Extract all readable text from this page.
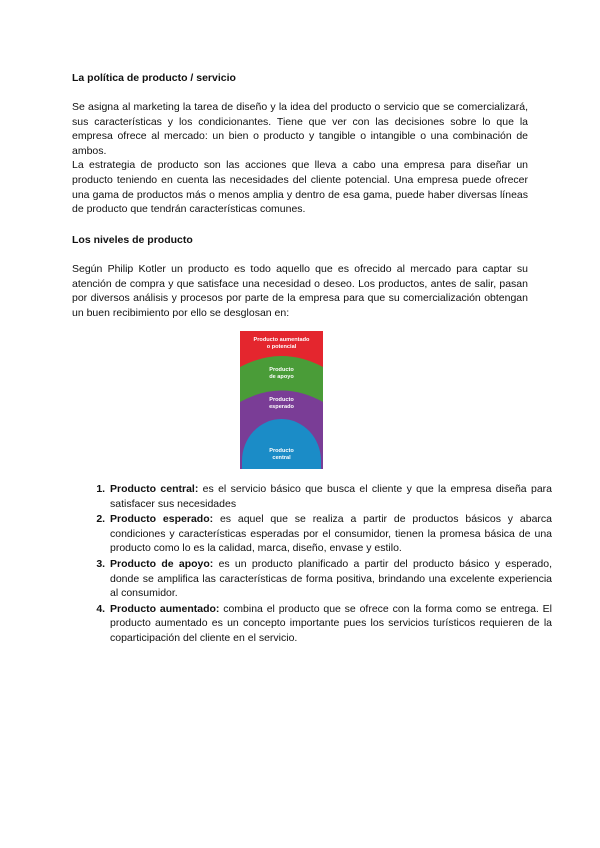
La política de producto / servicio

Se asigna al marketing la tarea de diseño y la idea del producto o servicio que se comercializará, sus características y los condicionantes. Tiene que ver con las decisiones sobre lo que la empresa ofrece al mercado: un bien o producto y tangible o intangible o una combinación de ambos.

La estrategia de producto son las acciones que lleva a cabo una empresa para diseñar un producto teniendo en cuenta las necesidades del cliente potencial. Una empresa puede ofrecer una gama de productos más o menos amplia y dentro de esa gama, puede haber diversas líneas de producto que tendrán características comunes.

Los niveles de producto

Según Philip Kotler un producto es todo aquello que es ofrecido al mercado para captar su atención de compra y que satisface una necesidad o deseo. Los productos, antes de salir, pasan por diversos análisis y procesos por parte de la empresa para que su comercialización obtengan un buen recibimiento por ello se desglosan en:

Producto aumentado
o potencial
Producto
de apoyo
Producto
esperado
Producto
central
1. Producto central: es el servicio básico que busca el cliente y que la empresa diseña para satisfacer sus necesidades
2. Producto esperado: es aquel que se realiza a partir de productos básicos y abarca condiciones y características esperadas por el consumidor, tienen la promesa básica de una producto como lo es la calidad, marca, diseño, envase y estilo.
3. Producto de apoyo: es un producto planificado a partir del producto básico y esperado, donde se amplifica las características de forma positiva, brindando una excelente experiencia al consumidor.
4. Producto aumentado: combina el producto que se ofrece con la forma como se entrega. El producto aumentado es un concepto importante pues los servicios turísticos requieren de la coparticipación del cliente en el servicio.
